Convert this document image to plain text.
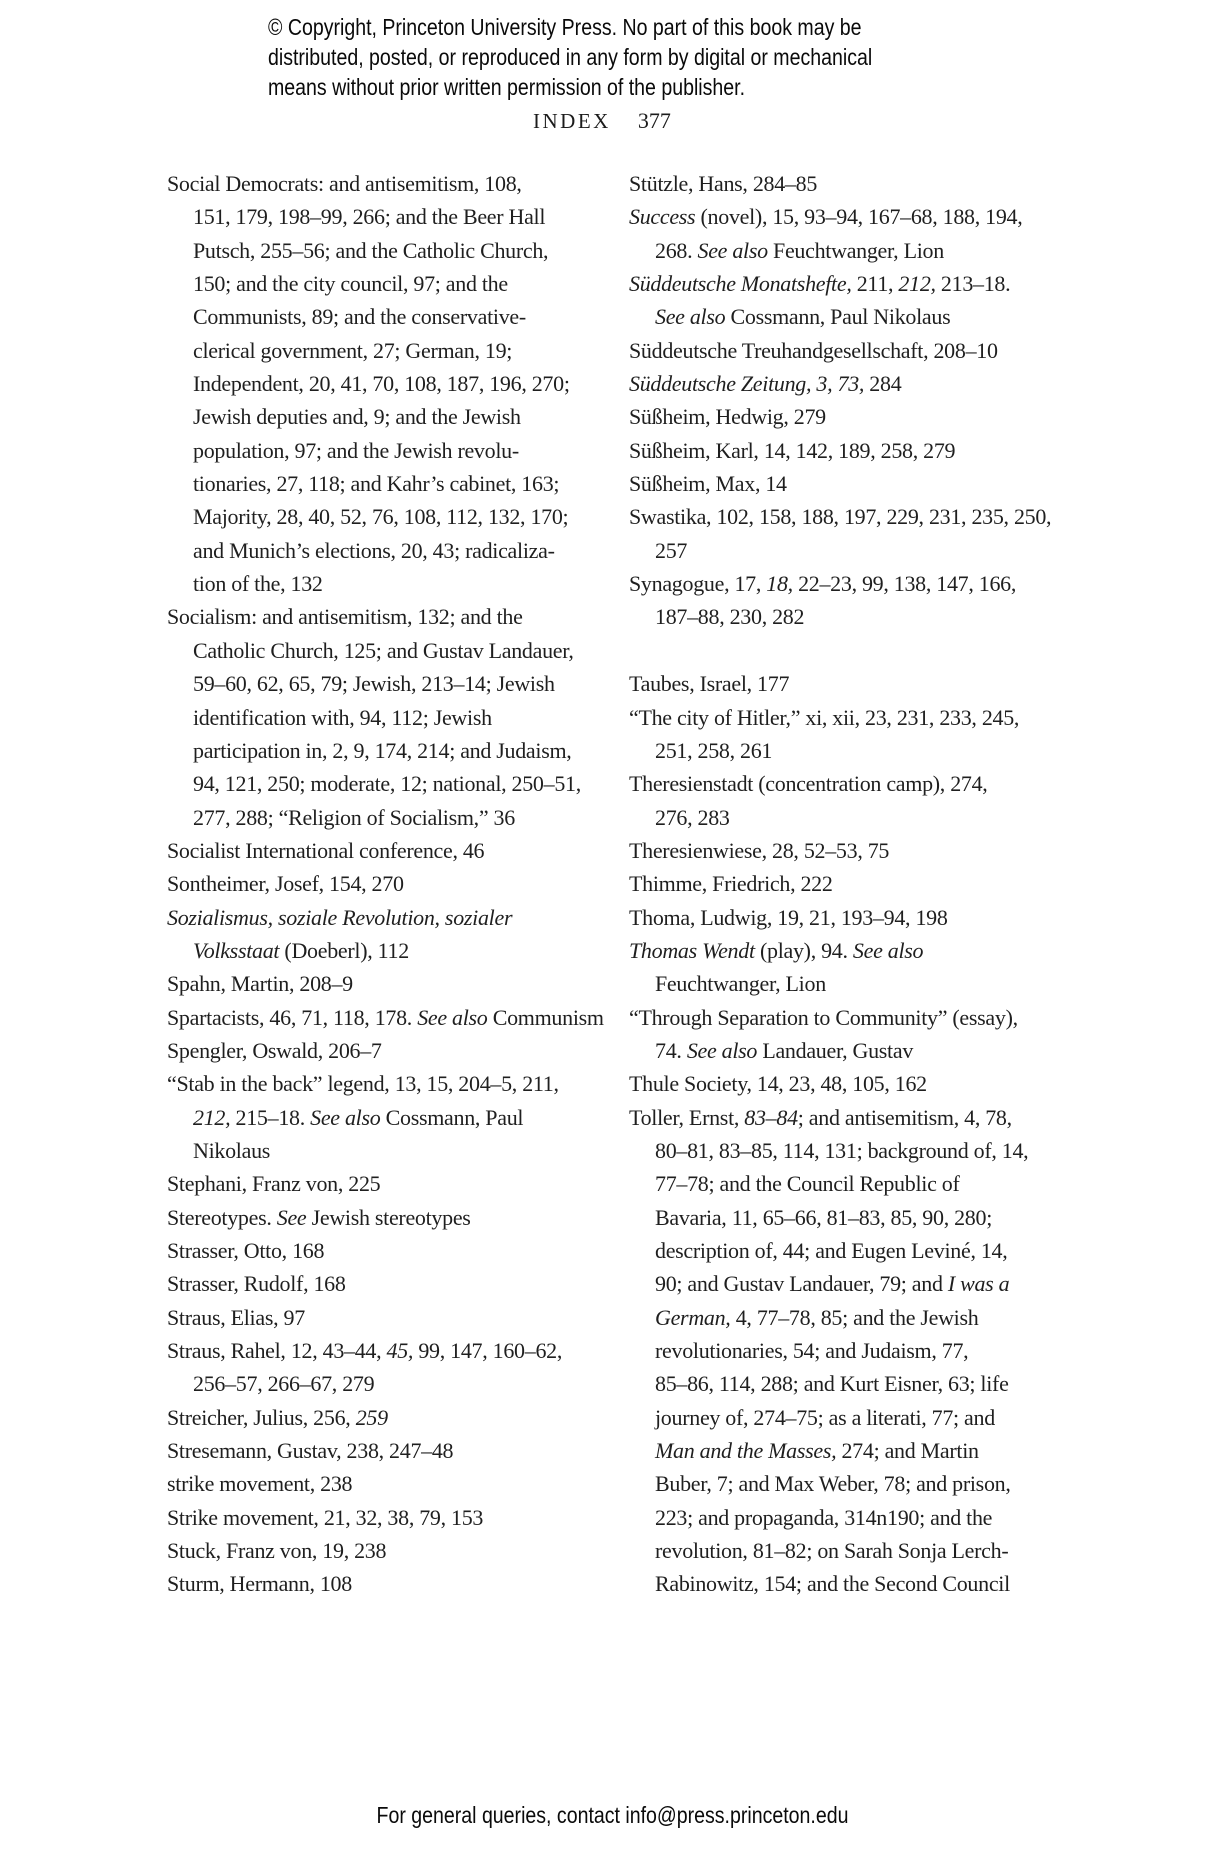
© Copyright, Princeton University Press. No part of this book may be
distributed, posted, or reproduced in any form by digital or mechanical
means without prior written permission of the publisher.
INDEX 377
Social Democrats: and antisemitism, 108,
151, 179, 198–99, 266; and the Beer Hall
Putsch, 255–56; and the Catholic Church,
150; and the city council, 97; and the
Communists, 89; and the conservative-
clerical government, 27; German, 19;
Independent, 20, 41, 70, 108, 187, 196, 270;
Jewish deputies and, 9; and the Jewish
population, 97; and the Jewish revolu-
tionaries, 27, 118; and Kahr’s cabinet, 163;
Majority, 28, 40, 52, 76, 108, 112, 132, 170;
and Munich’s elections, 20, 43; radicaliza-
tion of the, 132
Socialism: and antisemitism, 132; and the
Catholic Church, 125; and Gustav Landauer,
59–60, 62, 65, 79; Jewish, 213–14; Jewish
identification with, 94, 112; Jewish
participation in, 2, 9, 174, 214; and Judaism,
94, 121, 250; moderate, 12; national, 250–51,
277, 288; “Religion of Socialism,” 36
Socialist International conference, 46
Sontheimer, Josef, 154, 270
Sozialismus, soziale Revolution, sozialer
Volksstaat (Doeberl), 112
Spahn, Martin, 208–9
Spartacists, 46, 71, 118, 178. See also Communism
Spengler, Oswald, 206–7
“Stab in the back” legend, 13, 15, 204–5, 211,
212, 215–18. See also Cossmann, Paul
Nikolaus
Stephani, Franz von, 225
Stereotypes. See Jewish stereotypes
Strasser, Otto, 168
Strasser, Rudolf, 168
Straus, Elias, 97
Straus, Rahel, 12, 43–44, 45, 99, 147, 160–62,
256–57, 266–67, 279
Streicher, Julius, 256, 259
Stresemann, Gustav, 238, 247–48
strike movement, 238
Strike movement, 21, 32, 38, 79, 153
Stuck, Franz von, 19, 238
Sturm, Hermann, 108
Stützle, Hans, 284–85
Success (novel), 15, 93–94, 167–68, 188, 194,
268. See also Feuchtwanger, Lion
Süddeutsche Monatshefte, 211, 212, 213–18.
See also Cossmann, Paul Nikolaus
Süddeutsche Treuhandgesellschaft, 208–10
Süddeutsche Zeitung, 3, 73, 284
Süßheim, Hedwig, 279
Süßheim, Karl, 14, 142, 189, 258, 279
Süßheim, Max, 14
Swastika, 102, 158, 188, 197, 229, 231, 235, 250,
257
Synagogue, 17, 18, 22–23, 99, 138, 147, 166,
187–88, 230, 282
Taubes, Israel, 177
“The city of Hitler,” xi, xii, 23, 231, 233, 245,
251, 258, 261
Theresienstadt (concentration camp), 274,
276, 283
Theresienwiese, 28, 52–53, 75
Thimme, Friedrich, 222
Thoma, Ludwig, 19, 21, 193–94, 198
Thomas Wendt (play), 94. See also
Feuchtwanger, Lion
“Through Separation to Community” (essay),
74. See also Landauer, Gustav
Thule Society, 14, 23, 48, 105, 162
Toller, Ernst, 83–84; and antisemitism, 4, 78,
80–81, 83–85, 114, 131; background of, 14,
77–78; and the Council Republic of
Bavaria, 11, 65–66, 81–83, 85, 90, 280;
description of, 44; and Eugen Leviné, 14,
90; and Gustav Landauer, 79; and I was a
German, 4, 77–78, 85; and the Jewish
revolutionaries, 54; and Judaism, 77,
85–86, 114, 288; and Kurt Eisner, 63; life
journey of, 274–75; as a literati, 77; and
Man and the Masses, 274; and Martin
Buber, 7; and Max Weber, 78; and prison,
223; and propaganda, 314n190; and the
revolution, 81–82; on Sarah Sonja Lerch-
Rabinowitz, 154; and the Second Council
For general queries, contact info@press.princeton.edu
